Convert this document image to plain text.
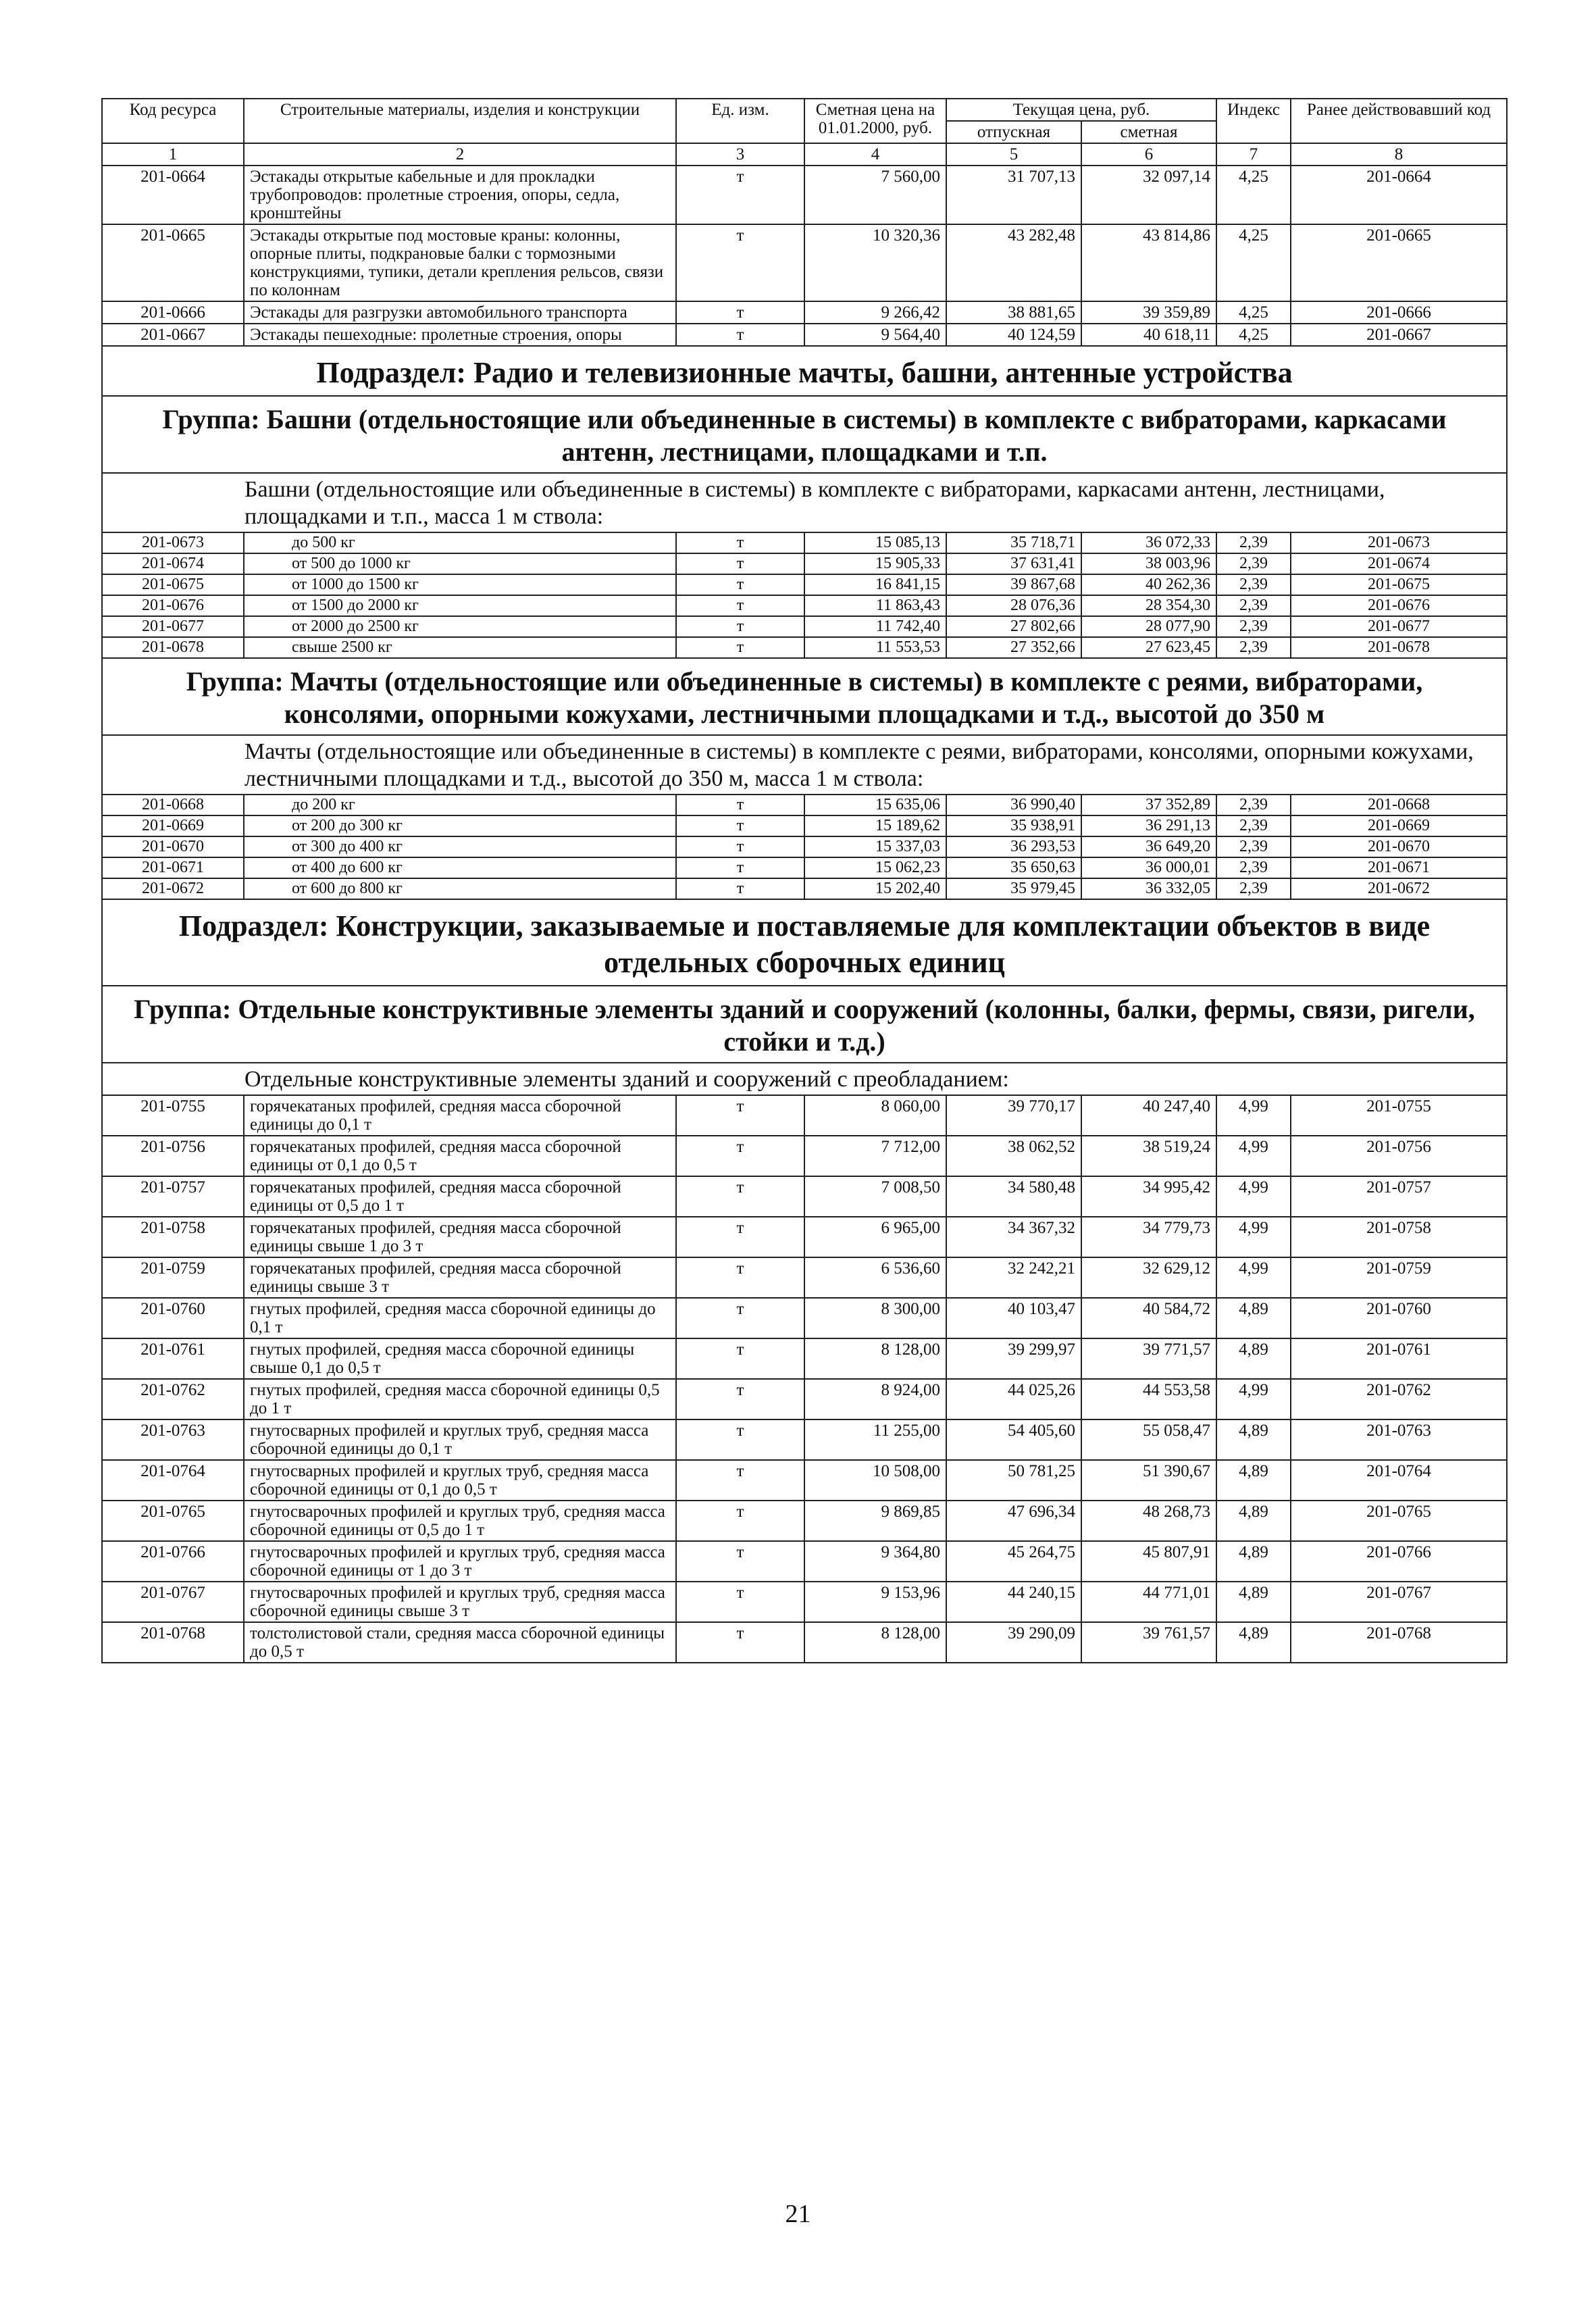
Код ресурса	Строительные материалы, изделия и конструкции	Ед. изм.	Сметная цена на 01.01.2000, руб.	Текущая цена, руб.		Индекс	Ранее действовавший код
				отпускная	сметная		
1	2	3	4	5	6	7	8
201-0664	Эстакады открытые кабельные и для прокладки трубопроводов: пролетные строения, опоры, седла, кронштейны	т	7 560,00	31 707,13	32 097,14	4,25	201-0664
201-0665	Эстакады открытые под мостовые краны: колонны, опорные плиты, подкрановые балки с тормозными конструкциями, тупики, детали крепления рельсов, связи по колоннам	т	10 320,36	43 282,48	43 814,86	4,25	201-0665
201-0666	Эстакады для разгрузки автомобильного транспорта	т	9 266,42	38 881,65	39 359,89	4,25	201-0666
201-0667	Эстакады пешеходные: пролетные строения, опоры	т	9 564,40	40 124,59	40 618,11	4,25	201-0667
Подраздел: Радио и телевизионные мачты, башни, антенные устройства							
Группа: Башни (отдельностоящие или объединенные в системы) в комплекте с вибраторами, каркасами антенн, лестницами, площадками и т.п.							
Башни (отдельностоящие или объединенные в системы) в комплекте с вибраторами, каркасами антенн, лестницами, площадками и т.п., масса 1 м ствола:							
201-0673	до 500 кг	т	15 085,13	35 718,71	36 072,33	2,39	201-0673
201-0674	от 500 до 1000 кг	т	15 905,33	37 631,41	38 003,96	2,39	201-0674
201-0675	от 1000 до 1500 кг	т	16 841,15	39 867,68	40 262,36	2,39	201-0675
201-0676	от 1500 до 2000 кг	т	11 863,43	28 076,36	28 354,30	2,39	201-0676
201-0677	от 2000 до 2500 кг	т	11 742,40	27 802,66	28 077,90	2,39	201-0677
201-0678	свыше 2500 кг	т	11 553,53	27 352,66	27 623,45	2,39	201-0678
Группа: Мачты (отдельностоящие или объединенные в системы) в комплекте с реями, вибраторами, консолями, опорными кожухами, лестничными площадками и т.д., высотой до 350 м							
Мачты (отдельностоящие или объединенные в системы) в комплекте с реями, вибраторами, консолями, опорными кожухами, лестничными площадками и т.д., высотой до 350 м, масса 1 м ствола:							
201-0668	до 200 кг	т	15 635,06	36 990,40	37 352,89	2,39	201-0668
201-0669	от 200 до 300 кг	т	15 189,62	35 938,91	36 291,13	2,39	201-0669
201-0670	от 300 до 400 кг	т	15 337,03	36 293,53	36 649,20	2,39	201-0670
201-0671	от 400 до 600 кг	т	15 062,23	35 650,63	36 000,01	2,39	201-0671
201-0672	от 600 до 800 кг	т	15 202,40	35 979,45	36 332,05	2,39	201-0672
Подраздел: Конструкции, заказываемые и поставляемые для комплектации объектов в виде отдельных сборочных единиц							
Группа: Отдельные конструктивные элементы зданий и сооружений (колонны, балки, фермы, связи, ригели, стойки и т.д.)							
Отдельные конструктивные элементы зданий и сооружений с преобладанием:							
201-0755	горячекатаных профилей, средняя масса сборочной единицы до 0,1 т	т	8 060,00	39 770,17	40 247,40	4,99	201-0755
201-0756	горячекатаных профилей, средняя масса сборочной единицы от 0,1 до 0,5 т	т	7 712,00	38 062,52	38 519,24	4,99	201-0756
201-0757	горячекатаных профилей, средняя масса сборочной единицы от 0,5 до 1 т	т	7 008,50	34 580,48	34 995,42	4,99	201-0757
201-0758	горячекатаных профилей, средняя масса сборочной единицы свыше 1 до 3 т	т	6 965,00	34 367,32	34 779,73	4,99	201-0758
201-0759	горячекатаных профилей, средняя масса сборочной единицы свыше 3 т	т	6 536,60	32 242,21	32 629,12	4,99	201-0759
201-0760	гнутых профилей, средняя масса сборочной единицы до 0,1 т	т	8 300,00	40 103,47	40 584,72	4,89	201-0760
201-0761	гнутых профилей, средняя масса сборочной единицы свыше 0,1 до 0,5 т	т	8 128,00	39 299,97	39 771,57	4,89	201-0761
201-0762	гнутых профилей, средняя масса сборочной единицы 0,5 до 1 т	т	8 924,00	44 025,26	44 553,58	4,99	201-0762
201-0763	гнутосварных профилей и круглых труб, средняя масса сборочной единицы до 0,1 т	т	11 255,00	54 405,60	55 058,47	4,89	201-0763
201-0764	гнутосварных профилей и круглых труб, средняя масса сборочной единицы от 0,1 до 0,5 т	т	10 508,00	50 781,25	51 390,67	4,89	201-0764
201-0765	гнутосварочных профилей и круглых труб, средняя масса сборочной единицы от 0,5 до 1 т	т	9 869,85	47 696,34	48 268,73	4,89	201-0765
201-0766	гнутосварочных профилей и круглых труб, средняя масса сборочной единицы от 1 до 3 т	т	9 364,80	45 264,75	45 807,91	4,89	201-0766
201-0767	гнутосварочных профилей и круглых труб, средняя масса сборочной единицы свыше 3 т	т	9 153,96	44 240,15	44 771,01	4,89	201-0767
201-0768	толстолистовой стали, средняя масса сборочной единицы до 0,5 т	т	8 128,00	39 290,09	39 761,57	4,89	201-0768
21
